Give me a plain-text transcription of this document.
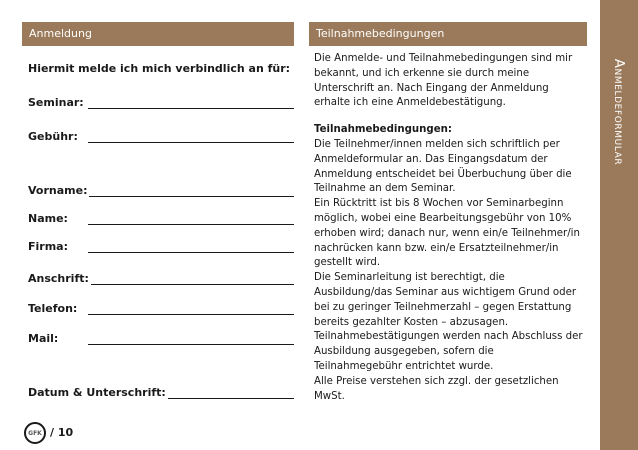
Anmeldung
Hiermit melde ich mich verbindlich an für:
Seminar:
Gebühr:
Vorname:
Name:
Firma:
Anschrift:
Telefon:
Mail:
Datum & Unterschrift:
Teilnahmebedingungen

Die Anmelde- und Teilnahmebedingungen sind mir bekannt, und ich erkenne sie durch meine Unterschrift an. Nach Eingang der Anmeldung erhalte ich eine Anmeldebestätigung.

Teilnahmebedingungen:

Die Teilnehmer/innen melden sich schriftlich per Anmeldeformular an. Das Eingangsdatum der Anmeldung entscheidet bei Überbuchung über die Teilnahme an dem Seminar.

Ein Rücktritt ist bis 8 Wochen vor Seminarbeginn möglich, wobei eine Bearbeitungsgebühr von 10% erhoben wird; danach nur, wenn ein/e Teilnehmer/in nachrücken kann bzw. ein/e Ersatzteilnehmer/in gestellt wird.

Die Seminarleitung ist berechtigt, die Ausbildung/das Seminar aus wichtigem Grund oder bei zu geringer Teilnehmerzahl – gegen Erstattung bereits gezahlter Kosten – abzusagen.

Teilnahmebestätigungen werden nach Abschluss der Ausbildung ausgegeben, sofern die Teilnahmegebühr entrichtet wurde.

Alle Preise verstehen sich zzgl. der gesetzlichen MwSt.

Anmeldeformular
GFK / 10
